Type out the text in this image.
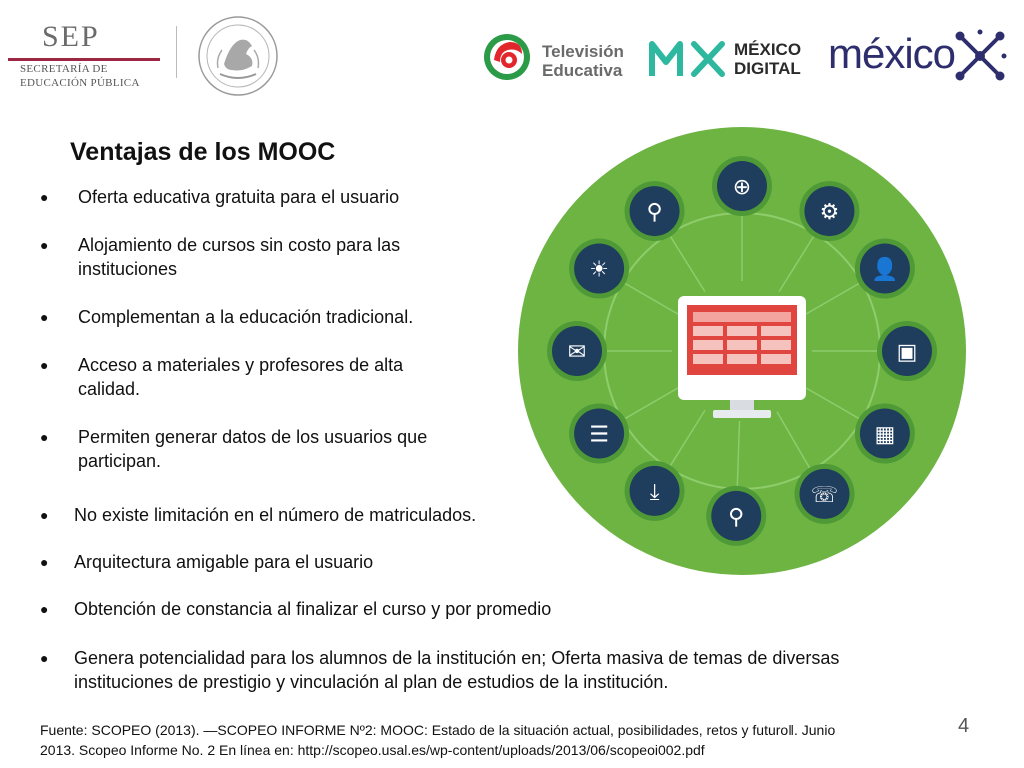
SEP
SECRETARÍA DE
EDUCACIÓN PÚBLICA
Televisión
Educativa
MÉXICO
DIGITAL méxico
Ventajas de los MOOC
● Oferta educativa gratuita para el usuario
● Alojamiento de cursos sin costo para las
instituciones
● Complementan a la educación tradicional.
● Acceso a materiales y profesores de alta
calidad.
● Permiten generar datos de los usuarios que
participan.
● No existe limitación en el número de matriculados.
● Arquitectura amigable para el usuario
● Obtención de constancia al finalizar el curso y por promedio
● Genera potencialidad para los alumnos de la institución en; Oferta masiva de temas de diversas
instituciones de prestigio y vinculación al plan de estudios de la institución.
⚲
⊕
⚙
👤
▣
▦
☏
⚲
⤓
☰
✉
☀
Fuente: SCOPEO (2013). ―SCOPEO INFORME Nº2: MOOC: Estado de la situación actual, posibilidades, retos y futuroǁ. Junio
2013. Scopeo Informe No. 2 En línea en: http://scopeo.usal.es/wp-content/uploads/2013/06/scopeoi002.pdf
4
